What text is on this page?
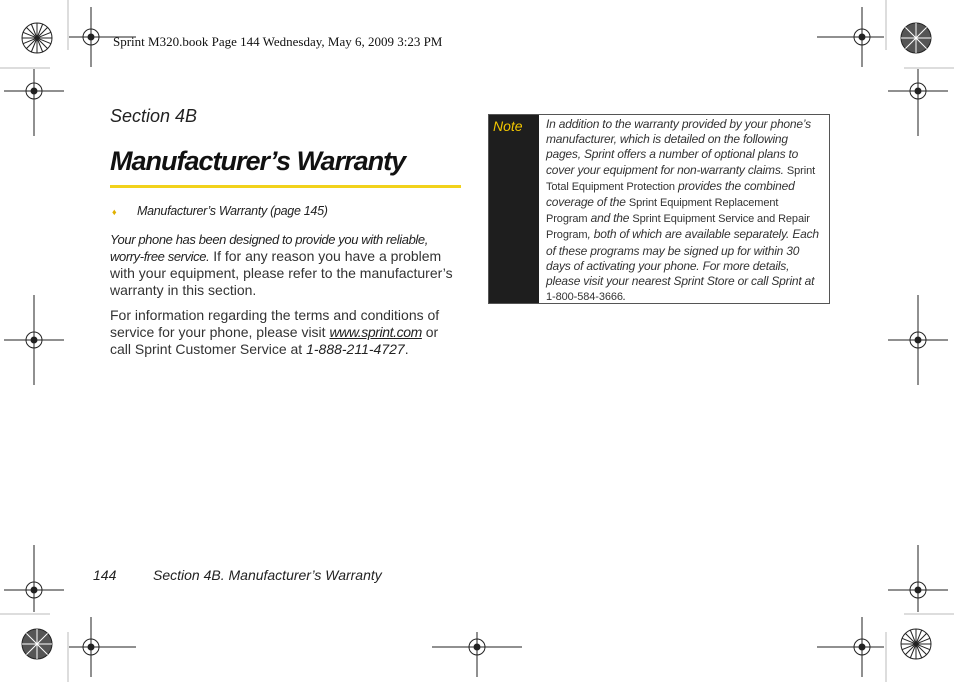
Sprint M320.book Page 144 Wednesday, May 6, 2009 3:23 PM
Section 4B
Manufacturer’s Warranty
♦ Manufacturer’s Warranty (page 145)
Your phone has been designed to provide you with reliable, worry-free service. If for any reason you have a problem with your equipment, please refer to the manufacturer’s warranty in this section.
For information regarding the terms and conditions of service for your phone, please visit www.sprint.com or call Sprint Customer Service at 1-888-211-4727.
Note	In addition to the warranty provided by your phone’s manufacturer, which is detailed on the following pages, Sprint offers a number of optional plans to cover your equipment for non-warranty claims. Sprint Total Equipment Protection provides the combined coverage of the Sprint Equipment Replacement Program and the Sprint Equipment Service and Repair Program, both of which are available separately. Each of these programs may be signed up for within 30 days of activating your phone. For more details, please visit your nearest Sprint Store or call Sprint at 1-800-584-3666.
144	Section 4B. Manufacturer’s Warranty
